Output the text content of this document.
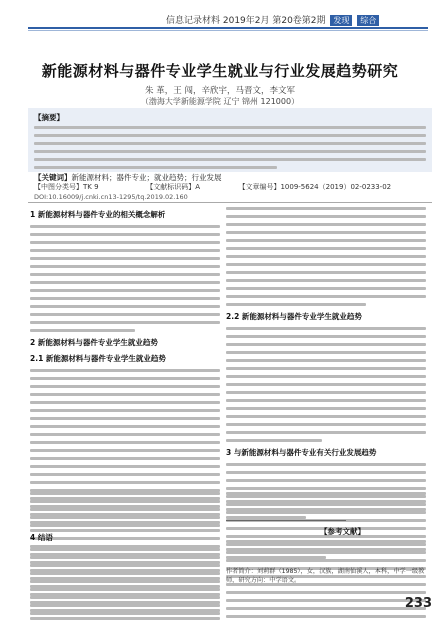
信息记录材料 2019年2月 第20卷第2期 发现 综合
新能源材料与器件专业学生就业与行业发展趋势研究
朱 革，王 闯，辛欣宇，马晋文，李文军
（渤海大学新能源学院 辽宁 锦州 121000）
【摘要】
【关键词】新能源材料；器件专业；就业趋势；行业发展
【中图分类号】TK 9	【文献标识码】A	【文章编号】1009-5624（2019）02-0233-02
DOI:10.16009/j.cnki.cn13-1295/tq.2019.02.160
1 新能源材料与器件专业的相关概念解析
2 新能源材料与器件专业学生就业趋势
2.1 新能源材料与器件专业学生就业趋势
2.2 新能源材料与器件专业学生就业趋势
3 与新能源材料与器件专业有关行业发展趋势
4 结语
【参考文献】
作者简介：刘莉群（1985），女，汉族，湖南仙溪人，本科，中学一级教师，研究方向：中学语文。
233
